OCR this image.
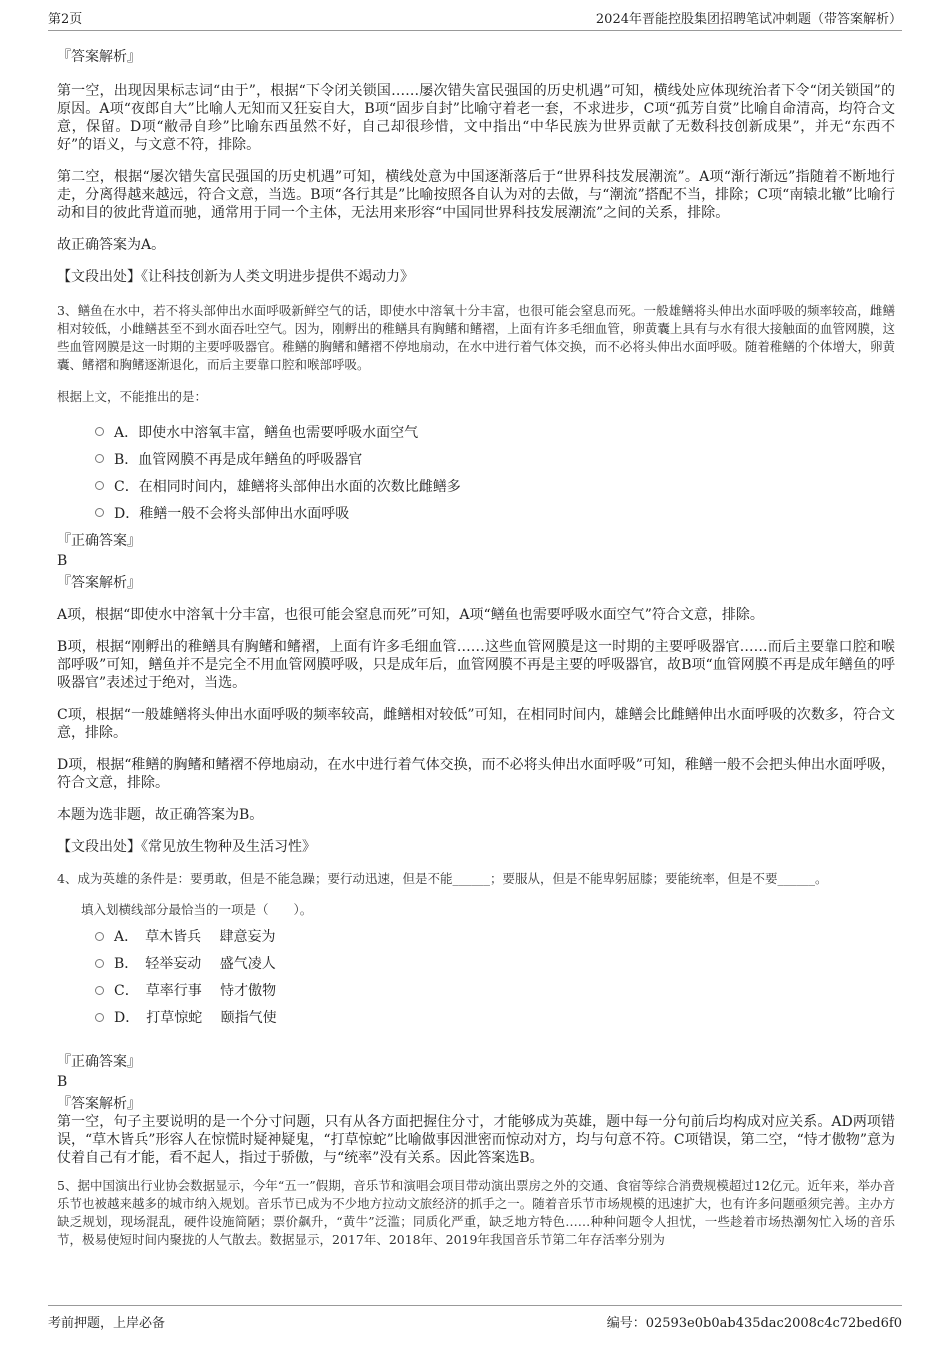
第2页	2024年晋能控股集团招聘笔试冲刺题（带答案解析）
『答案解析』

第一空，出现因果标志词“由于”，根据“下令闭关锁国……屡次错失富民强国的历史机遇”可知，横线处应体现统治者下令“闭关锁国”的原因。A项“夜郎自大”比喻人无知而又狂妄自大，B项“固步自封”比喻守着老一套，不求进步，C项“孤芳自赏”比喻自命清高，均符合文意，保留。D项“敝帚自珍”比喻东西虽然不好，自己却很珍惜，文中指出“中华民族为世界贡献了无数科技创新成果”，并无“东西不好”的语义，与文意不符，排除。

第二空，根据“屡次错失富民强国的历史机遇”可知，横线处意为中国逐渐落后于“世界科技发展潮流”。A项“渐行渐远”指随着不断地行走，分离得越来越远，符合文意，当选。B项“各行其是”比喻按照各自认为对的去做，与“潮流”搭配不当，排除；C项“南辕北辙”比喻行动和目的彼此背道而驰，通常用于同一个主体，无法用来形容“中国同世界科技发展潮流”之间的关系，排除。

故正确答案为A。

【文段出处】《让科技创新为人类文明进步提供不竭动力》

3、鳝鱼在水中，若不将头部伸出水面呼吸新鲜空气的话，即使水中溶氧十分丰富，也很可能会窒息而死。一般雄鳝将头伸出水面呼吸的频率较高，雌鳝相对较低，小雌鳝甚至不到水面吞吐空气。因为，刚孵出的稚鳝具有胸鳍和鳍褶，上面有许多毛细血管，卵黄囊上具有与水有很大接触面的血管网膜，这些血管网膜是这一时期的主要呼吸器官。稚鳝的胸鳍和鳍褶不停地扇动，在水中进行着气体交换，而不必将头伸出水面呼吸。随着稚鳝的个体增大，卵黄囊、鳍褶和胸鳍逐渐退化，而后主要靠口腔和喉部呼吸。

根据上文，不能推出的是：

A．即使水中溶氧丰富，鳝鱼也需要呼吸水面空气
B．血管网膜不再是成年鳝鱼的呼吸器官
C．在相同时间内，雄鳝将头部伸出水面的次数比雌鳝多
D．稚鳝一般不会将头部伸出水面呼吸
『正确答案』
B
『答案解析』

A项，根据“即使水中溶氧十分丰富，也很可能会窒息而死”可知，A项“鳝鱼也需要呼吸水面空气”符合文意，排除。

B项，根据“刚孵出的稚鳝具有胸鳍和鳍褶，上面有许多毛细血管……这些血管网膜是这一时期的主要呼吸器官……而后主要靠口腔和喉部呼吸”可知，鳝鱼并不是完全不用血管网膜呼吸，只是成年后，血管网膜不再是主要的呼吸器官，故B项“血管网膜不再是成年鳝鱼的呼吸器官”表述过于绝对，当选。

C项，根据“一般雄鳝将头伸出水面呼吸的频率较高，雌鳝相对较低”可知，在相同时间内，雄鳝会比雌鳝伸出水面呼吸的次数多，符合文意，排除。

D项，根据“稚鳝的胸鳍和鳍褶不停地扇动，在水中进行着气体交换，而不必将头伸出水面呼吸”可知，稚鳝一般不会把头伸出水面呼吸，符合文意，排除。

本题为选非题，故正确答案为B。

【文段出处】《常见放生物种及生活习性》

4、成为英雄的条件是：要勇敢，但是不能急躁；要行动迅速，但是不能______；要服从，但是不能卑躬屈膝；要能统率，但是不要______。

填入划横线部分最恰当的一项是（　　）。

A．　草木皆兵　 肆意妄为
B．　轻举妄动　 盛气凌人
C．　草率行事　 恃才傲物
D．　打草惊蛇　 颐指气使
『正确答案』
B
『答案解析』

第一空，句子主要说明的是一个分寸问题，只有从各方面把握住分寸，才能够成为英雄，题中每一分句前后均构成对应关系。AD两项错误，“草木皆兵”形容人在惊慌时疑神疑鬼，“打草惊蛇”比喻做事因泄密而惊动对方，均与句意不符。C项错误，第二空，“恃才傲物”意为仗着自己有才能，看不起人，指过于骄傲，与“统率”没有关系。因此答案选B。

5、据中国演出行业协会数据显示，今年“五一”假期，音乐节和演唱会项目带动演出票房之外的交通、食宿等综合消费规模超过12亿元。近年来，举办音乐节也被越来越多的城市纳入规划。音乐节已成为不少地方拉动文旅经济的抓手之一。随着音乐节市场规模的迅速扩大，也有许多问题亟须完善。主办方缺乏规划，现场混乱，硬件设施简陋；票价飙升，“黄牛”泛滥；同质化严重，缺乏地方特色……种种问题令人担忧，一些趁着市场热潮匆忙入场的音乐节，极易使短时间内聚拢的人气散去。数据显示，2017年、2018年、2019年我国音乐节第二年存活率分别为

考前押题，上岸必备	编号：02593e0b0ab435dac2008c4c72bed6f0
